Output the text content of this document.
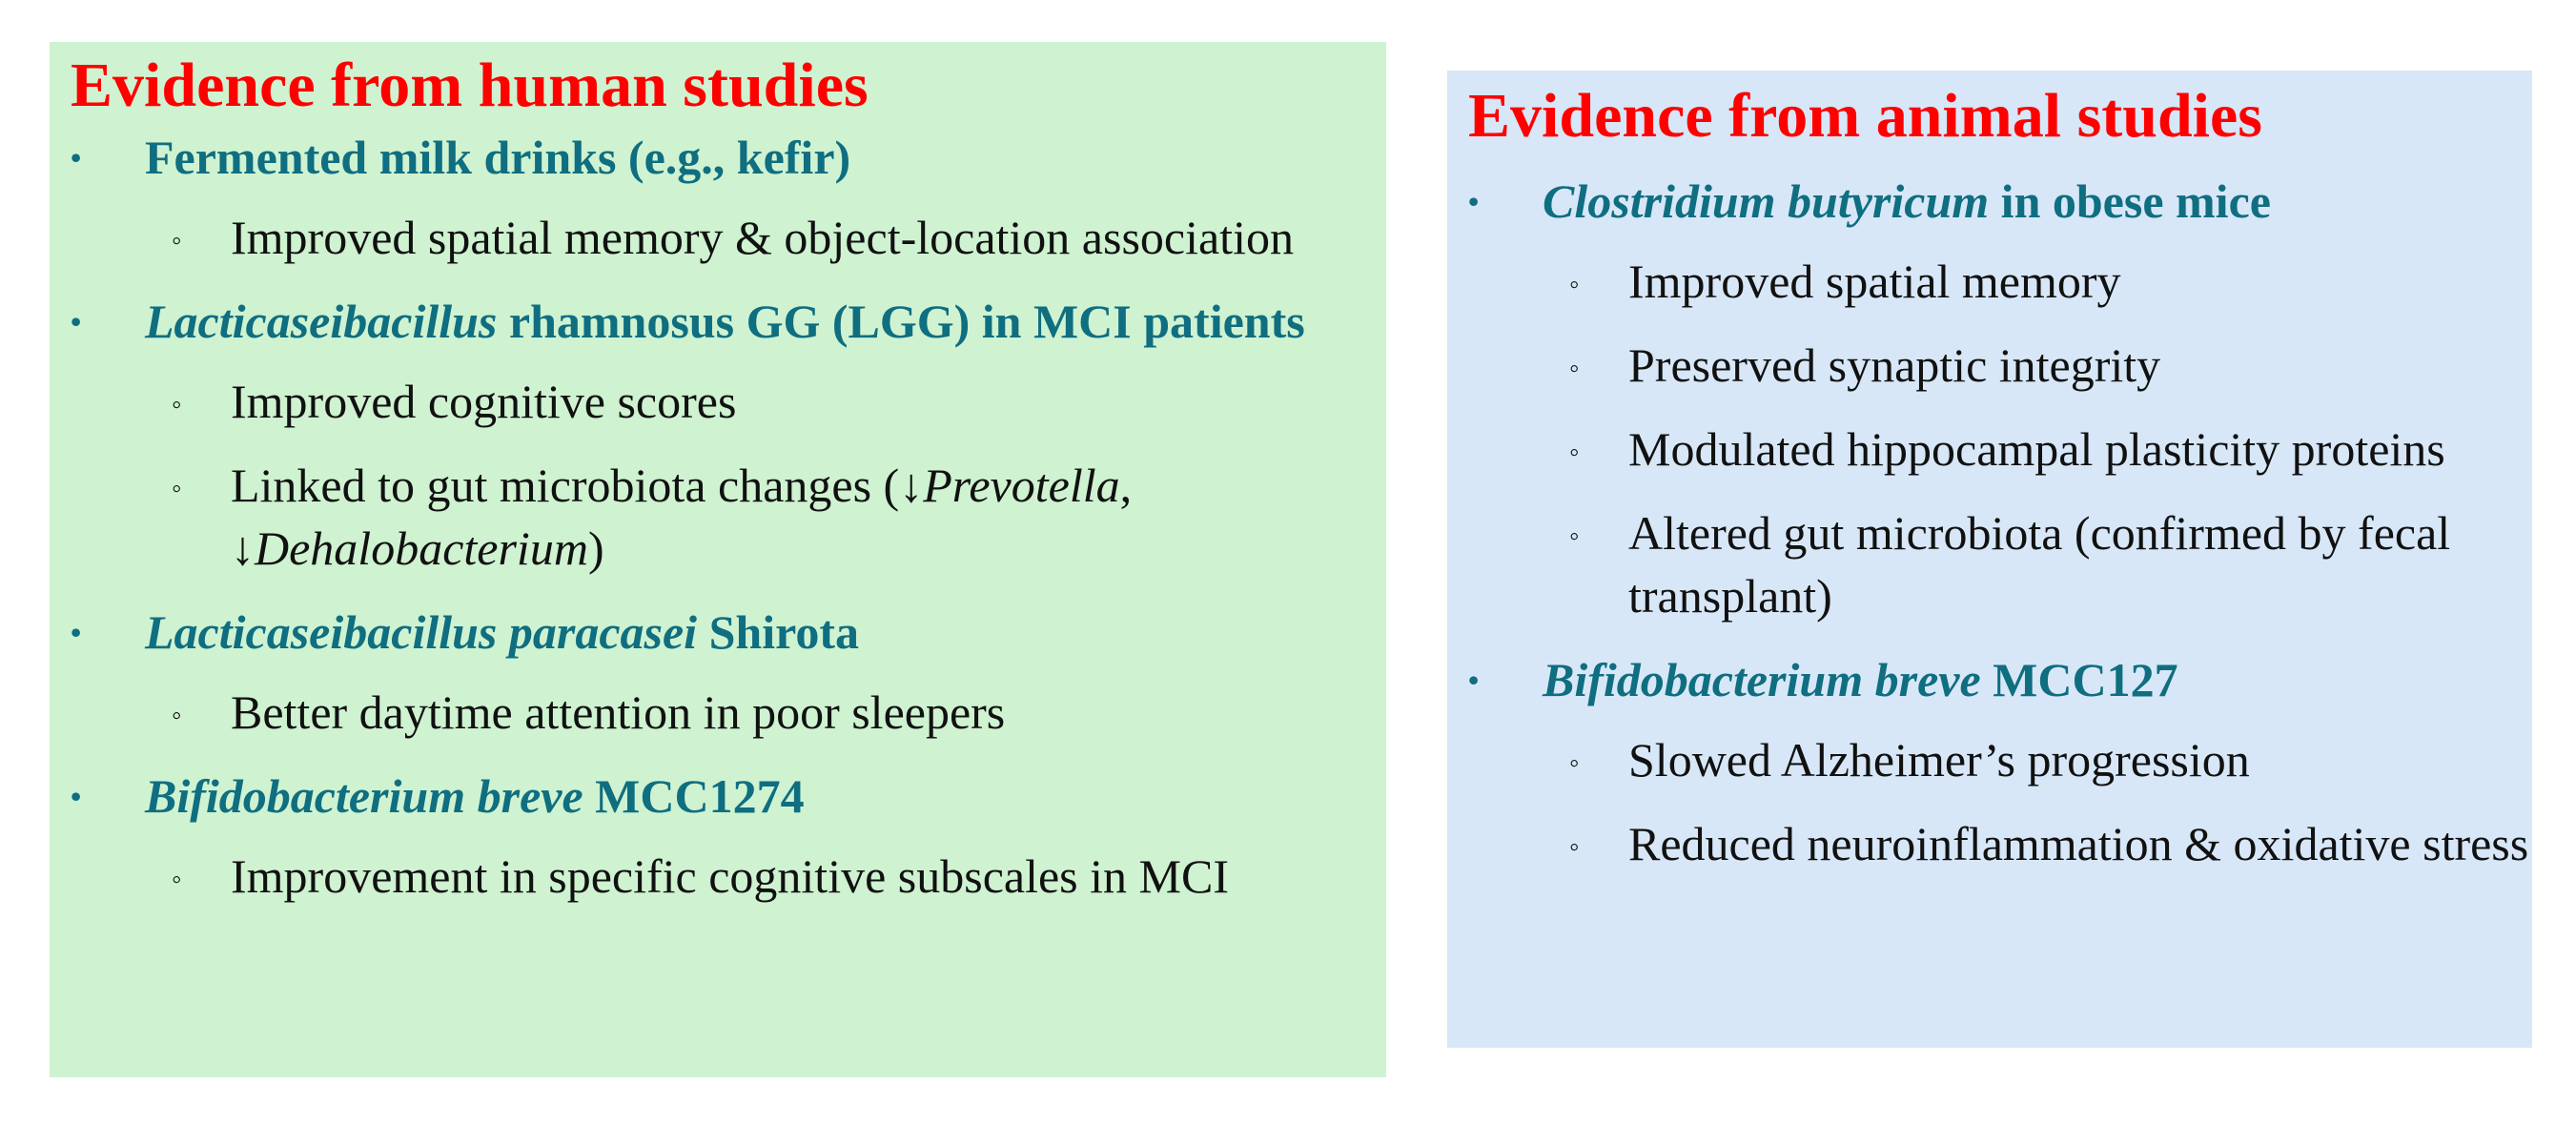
Evidence from human studies
• Fermented milk drinks (e.g., kefir)
◦ Improved spatial memory & object-location association
• Lacticaseibacillus rhamnosus GG (LGG) in MCI patients
◦ Improved cognitive scores
◦ Linked to gut microbiota changes (↓Prevotella, ↓Dehalobacterium)
• Lacticaseibacillus paracasei Shirota
◦ Better daytime attention in poor sleepers
• Bifidobacterium breve MCC1274
◦ Improvement in specific cognitive subscales in MCI
Evidence from animal studies
• Clostridium butyricum in obese mice
◦ Improved spatial memory
◦ Preserved synaptic integrity
◦ Modulated hippocampal plasticity proteins
◦ Altered gut microbiota (confirmed by fecal transplant)
• Bifidobacterium breve MCC127
◦ Slowed Alzheimer’s progression
◦ Reduced neuroinflammation & oxidative stress
